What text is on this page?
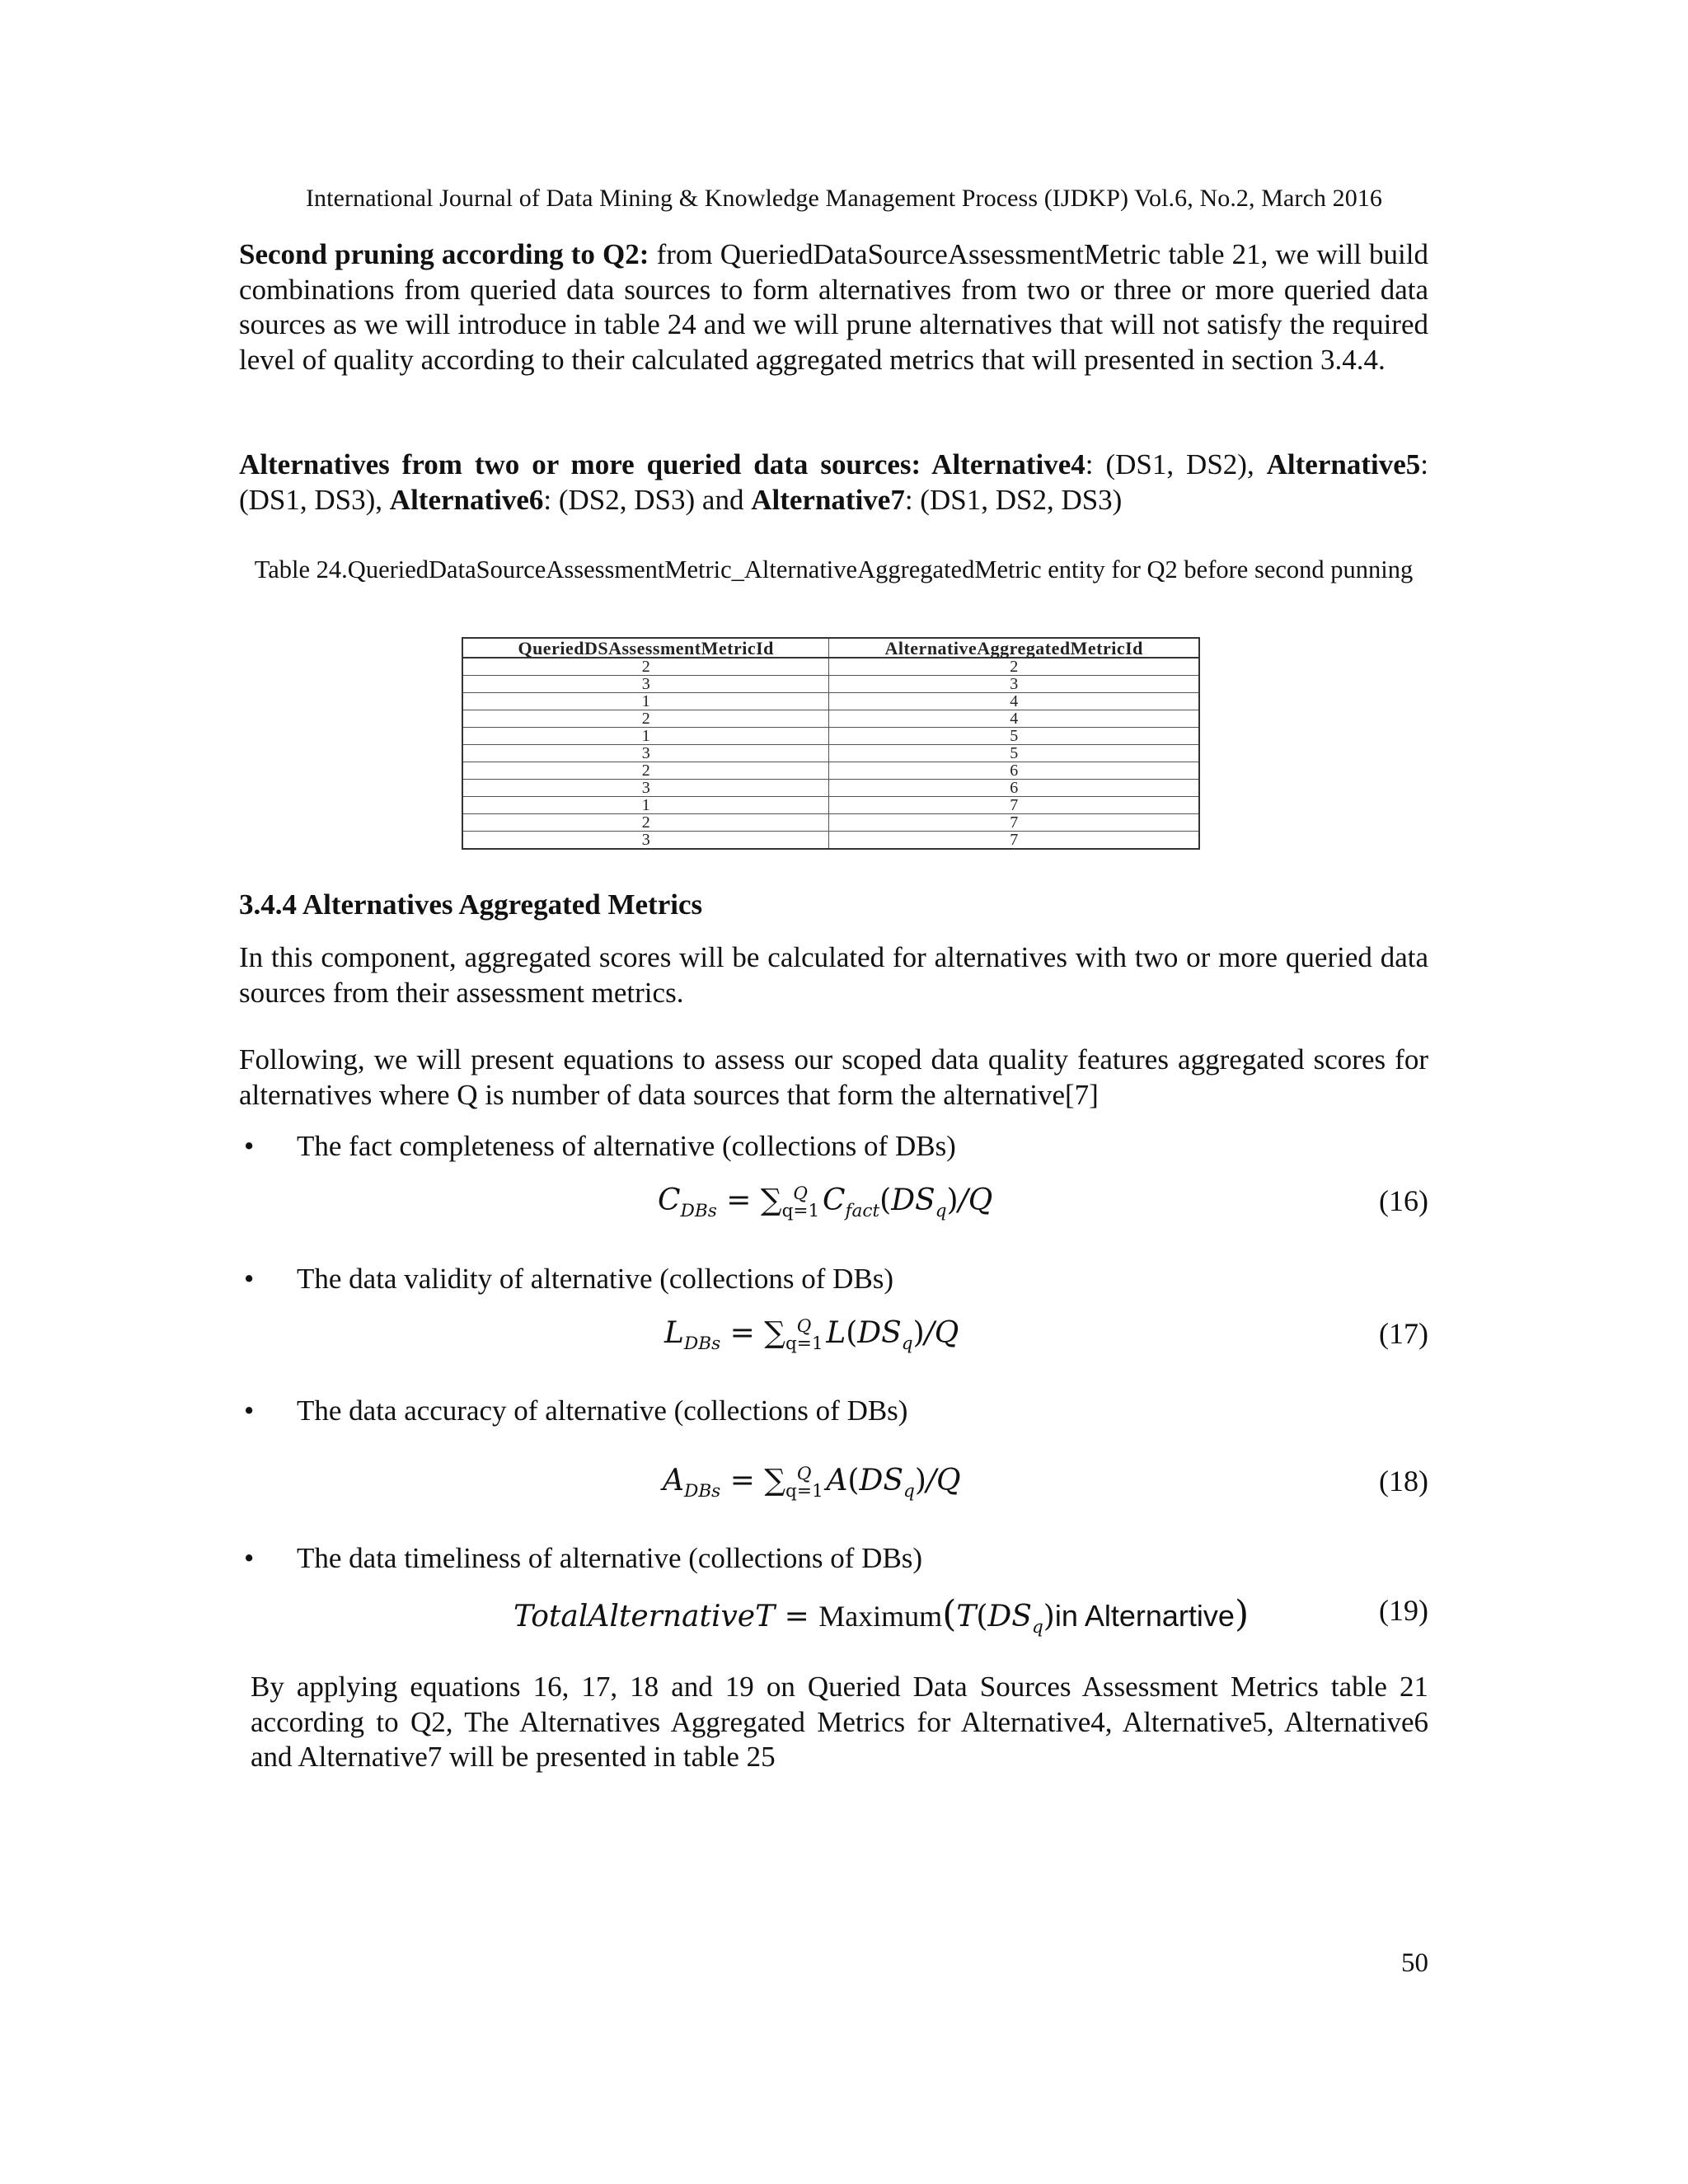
International Journal of Data Mining & Knowledge Management Process (IJDKP) Vol.6, No.2, March 2016
Second pruning according to Q2: from QueriedDataSourceAssessmentMetric table 21, we will build combinations from queried data sources to form alternatives from two or three or more queried data sources as we will introduce in table 24 and we will prune alternatives that will not satisfy the required level of quality according to their calculated aggregated metrics that will presented in section 3.4.4.
Alternatives from two or more queried data sources: Alternative4: (DS1, DS2), Alternative5: (DS1, DS3), Alternative6: (DS2, DS3) and Alternative7: (DS1, DS2, DS3)
Table 24.QueriedDataSourceAssessmentMetric_AlternativeAggregatedMetric entity for Q2 before second punning
QueriedDSAssessmentMetricId	AlternativeAggregatedMetricId
2	2
3	3
1	4
2	4
1	5
3	5
2	6
3	6
1	7
2	7
3	7
3.4.4 Alternatives Aggregated Metrics
In this component, aggregated scores will be calculated for alternatives with two or more queried data sources from their assessment metrics.
Following, we will present equations to assess our scoped data quality features aggregated scores for alternatives where Q is number of data sources that form the alternative[7]
• The fact completeness of alternative (collections of DBs)
$C_{DBs} = \sum_{q=1}^Q$ $C_{fact}(DS_q)/Q$	(16)
• The data validity of alternative (collections of DBs)
$L_{DBs} = \sum_{q=1}^Q$ $L(DS_q)/Q$	(17)
• The data accuracy of alternative (collections of DBs)
$A_{DBs} = \sum_{q=1}^Q$ $A(DS_q)/Q$	(18)
• The data timeliness of alternative (collections of DBs)
TotalAlternativeT = $Maximum(T(DS_q)in$ Alternartive)	(19)
By applying equations 16, 17, 18 and 19 on Queried Data Sources Assessment Metrics table 21 according to Q2, The Alternatives Aggregated Metrics for Alternative4, Alternative5, Alternative6 and Alternative7 will be presented in table 25
50
